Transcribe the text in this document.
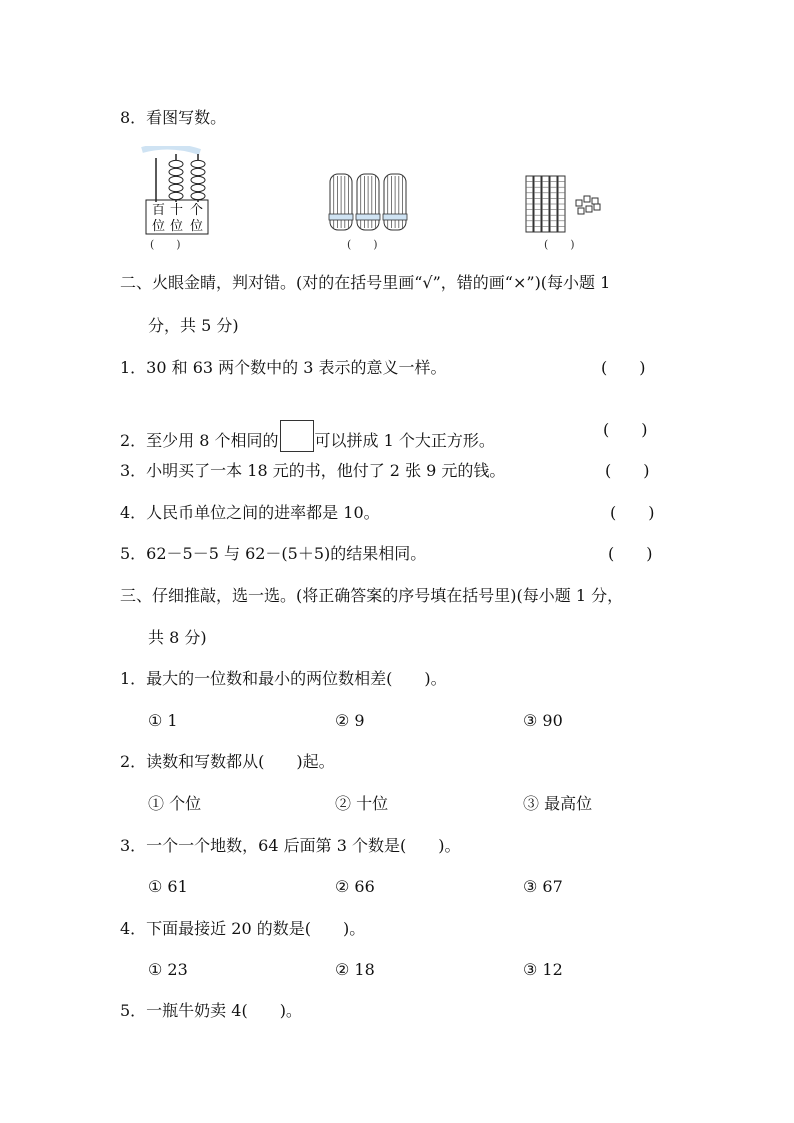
8．看图写数。
百 十 个
位 位 位
(　　)	(　　)	(　　)
二、火眼金睛，判对错。(对的在括号里画“√”，错的画“×”)(每小题 1
分，共 5 分)
1．30 和 63 两个数中的 3 表示的意义一样。	(　　)
2．至少用 8 个相同的 可以拼成 1 个大正方形。
(　　)
3．小明买了一本 18 元的书，他付了 2 张 9 元的钱。	(　　)
4．人民币单位之间的进率都是 10。	(　　)
5．62－5－5 与 62－(5＋5)的结果相同。	(　　)
三、仔细推敲，选一选。(将正确答案的序号填在括号里)(每小题 1 分，
共 8 分)
1．最大的一位数和最小的两位数相差(　　)。
① 1	② 9	③ 90
2．读数和写数都从(　　)起。
① 个位	② 十位	③ 最高位
3．一个一个地数，64 后面第 3 个数是(　　)。
① 61	② 66	③ 67
4．下面最接近 20 的数是(　　)。
① 23	② 18	③ 12
5．一瓶牛奶卖 4(　　)。
